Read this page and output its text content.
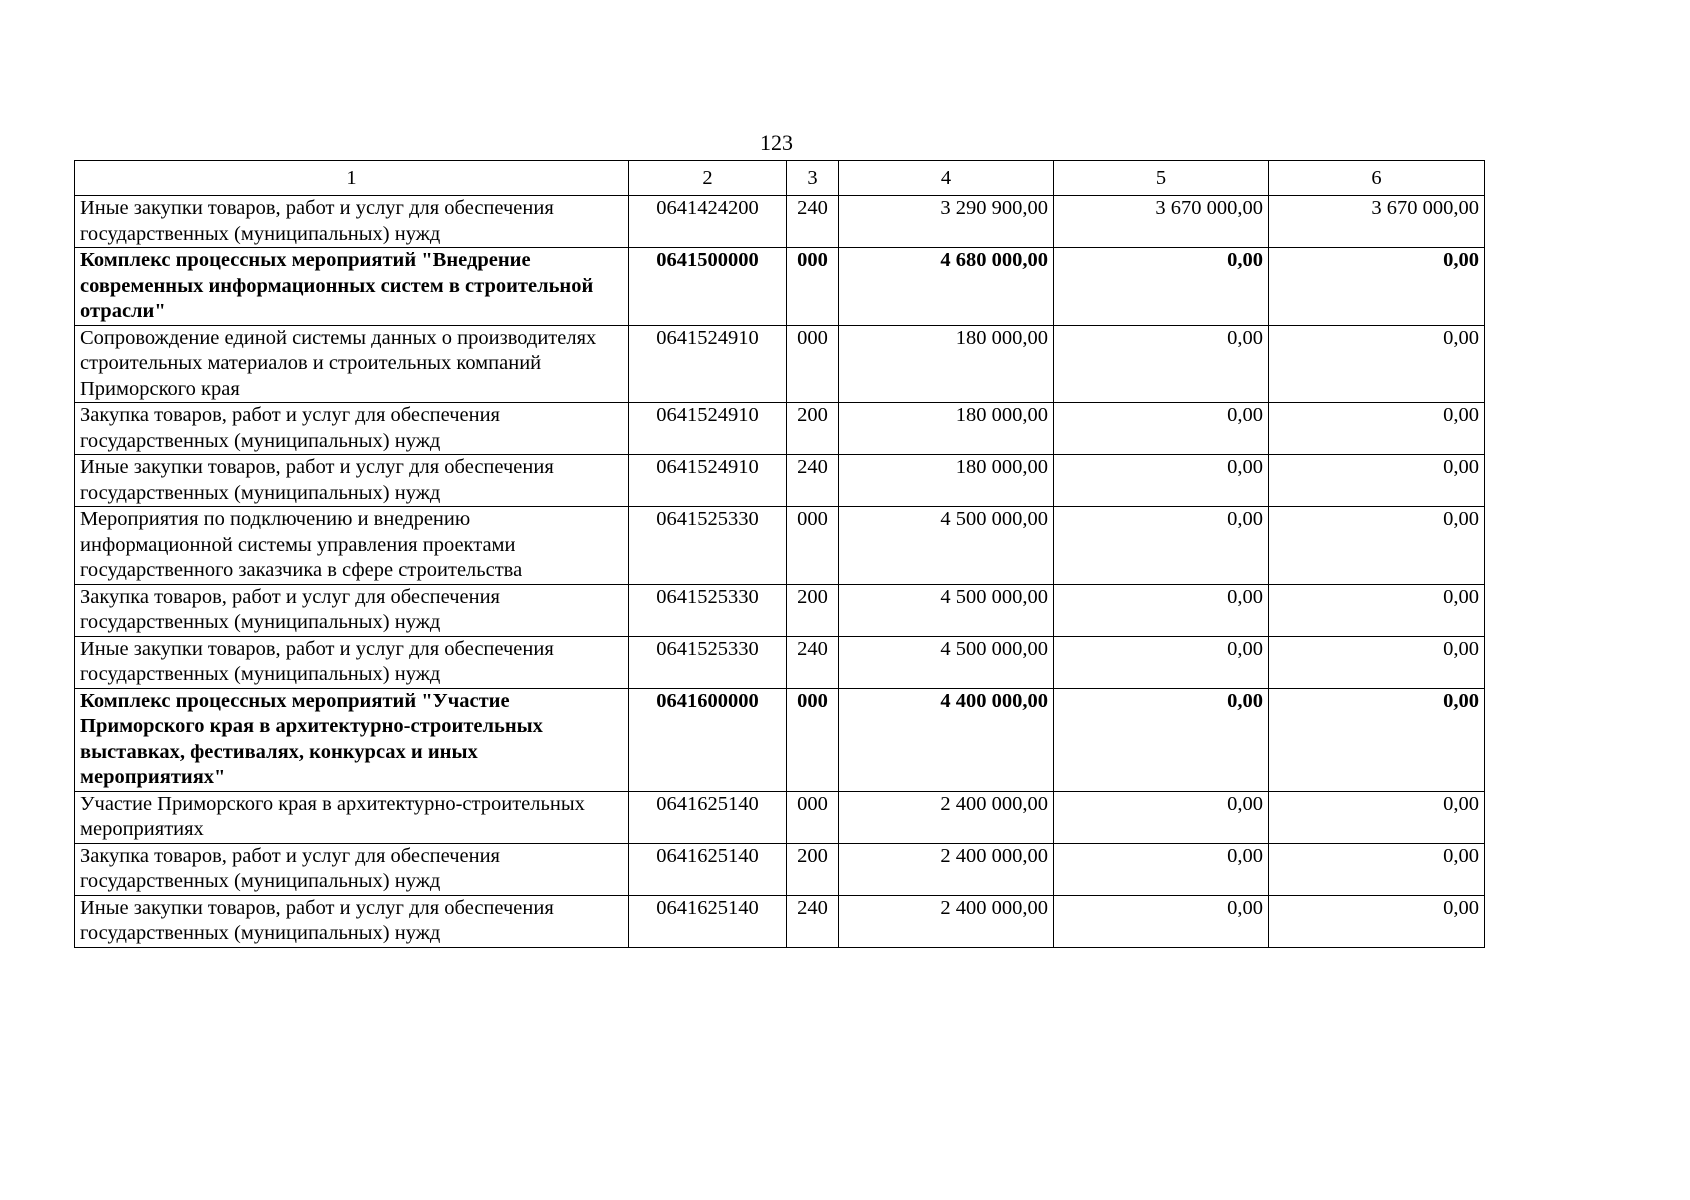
123
1	2	3	4	5	6
Иные закупки товаров, работ и услуг для обеспечения государственных (муниципальных) нужд	0641424200	240	3 290 900,00	3 670 000,00	3 670 000,00
Комплекс процессных мероприятий "Внедрение современных информационных систем в строительной отрасли"	0641500000	000	4 680 000,00	0,00	0,00
Сопровождение единой системы данных о производителях строительных материалов и строительных компаний Приморского края	0641524910	000	180 000,00	0,00	0,00
Закупка товаров, работ и услуг для обеспечения государственных (муниципальных) нужд	0641524910	200	180 000,00	0,00	0,00
Иные закупки товаров, работ и услуг для обеспечения государственных (муниципальных) нужд	0641524910	240	180 000,00	0,00	0,00
Мероприятия по подключению и внедрению информационной системы управления проектами государственного заказчика в сфере строительства	0641525330	000	4 500 000,00	0,00	0,00
Закупка товаров, работ и услуг для обеспечения государственных (муниципальных) нужд	0641525330	200	4 500 000,00	0,00	0,00
Иные закупки товаров, работ и услуг для обеспечения государственных (муниципальных) нужд	0641525330	240	4 500 000,00	0,00	0,00
Комплекс процессных мероприятий "Участие Приморского края в архитектурно-строительных выставках, фестивалях, конкурсах и иных мероприятиях"	0641600000	000	4 400 000,00	0,00	0,00
Участие Приморского края в архитектурно-строительных мероприятиях	0641625140	000	2 400 000,00	0,00	0,00
Закупка товаров, работ и услуг для обеспечения государственных (муниципальных) нужд	0641625140	200	2 400 000,00	0,00	0,00
Иные закупки товаров, работ и услуг для обеспечения государственных (муниципальных) нужд	0641625140	240	2 400 000,00	0,00	0,00
